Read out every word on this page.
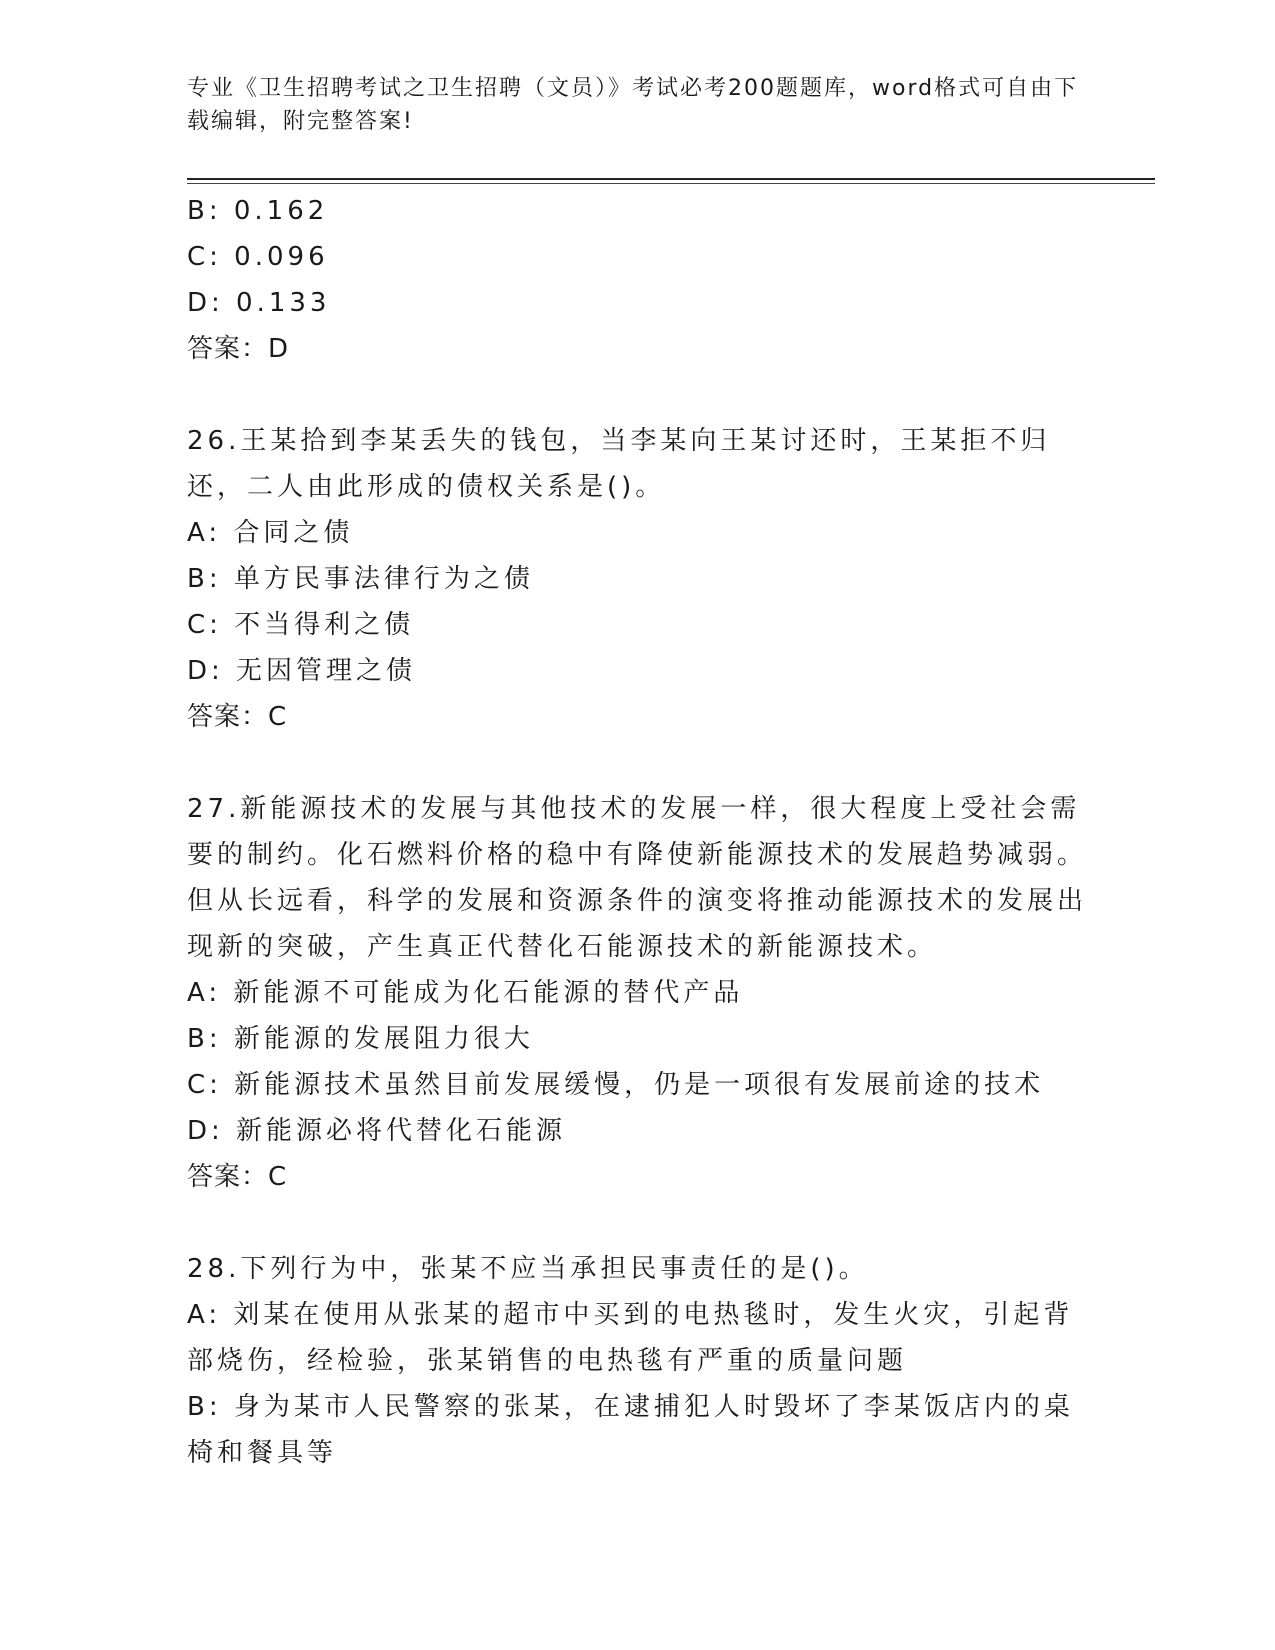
专业《卫生招聘考试之卫生招聘（文员）》考试必考200题题库，word格式可自由下载编辑，附完整答案!

B: 0.162

C: 0.096

D: 0.133

答案：D

26.王某拾到李某丢失的钱包，当李某向王某讨还时，王某拒不归还，二人由此形成的债权关系是()。

A: 合同之债

B: 单方民事法律行为之债

C: 不当得利之债

D: 无因管理之债

答案：C

27.新能源技术的发展与其他技术的发展一样，很大程度上受社会需要的制约。化石燃料价格的稳中有降使新能源技术的发展趋势减弱。但从长远看，科学的发展和资源条件的演变将推动能源技术的发展出现新的突破，产生真正代替化石能源技术的新能源技术。

A: 新能源不可能成为化石能源的替代产品

B: 新能源的发展阻力很大

C: 新能源技术虽然目前发展缓慢，仍是一项很有发展前途的技术

D: 新能源必将代替化石能源

答案：C

28.下列行为中，张某不应当承担民事责任的是()。

A: 刘某在使用从张某的超市中买到的电热毯时，发生火灾，引起背部烧伤，经检验，张某销售的电热毯有严重的质量问题

B: 身为某市人民警察的张某，在逮捕犯人时毁坏了李某饭店内的桌椅和餐具等
